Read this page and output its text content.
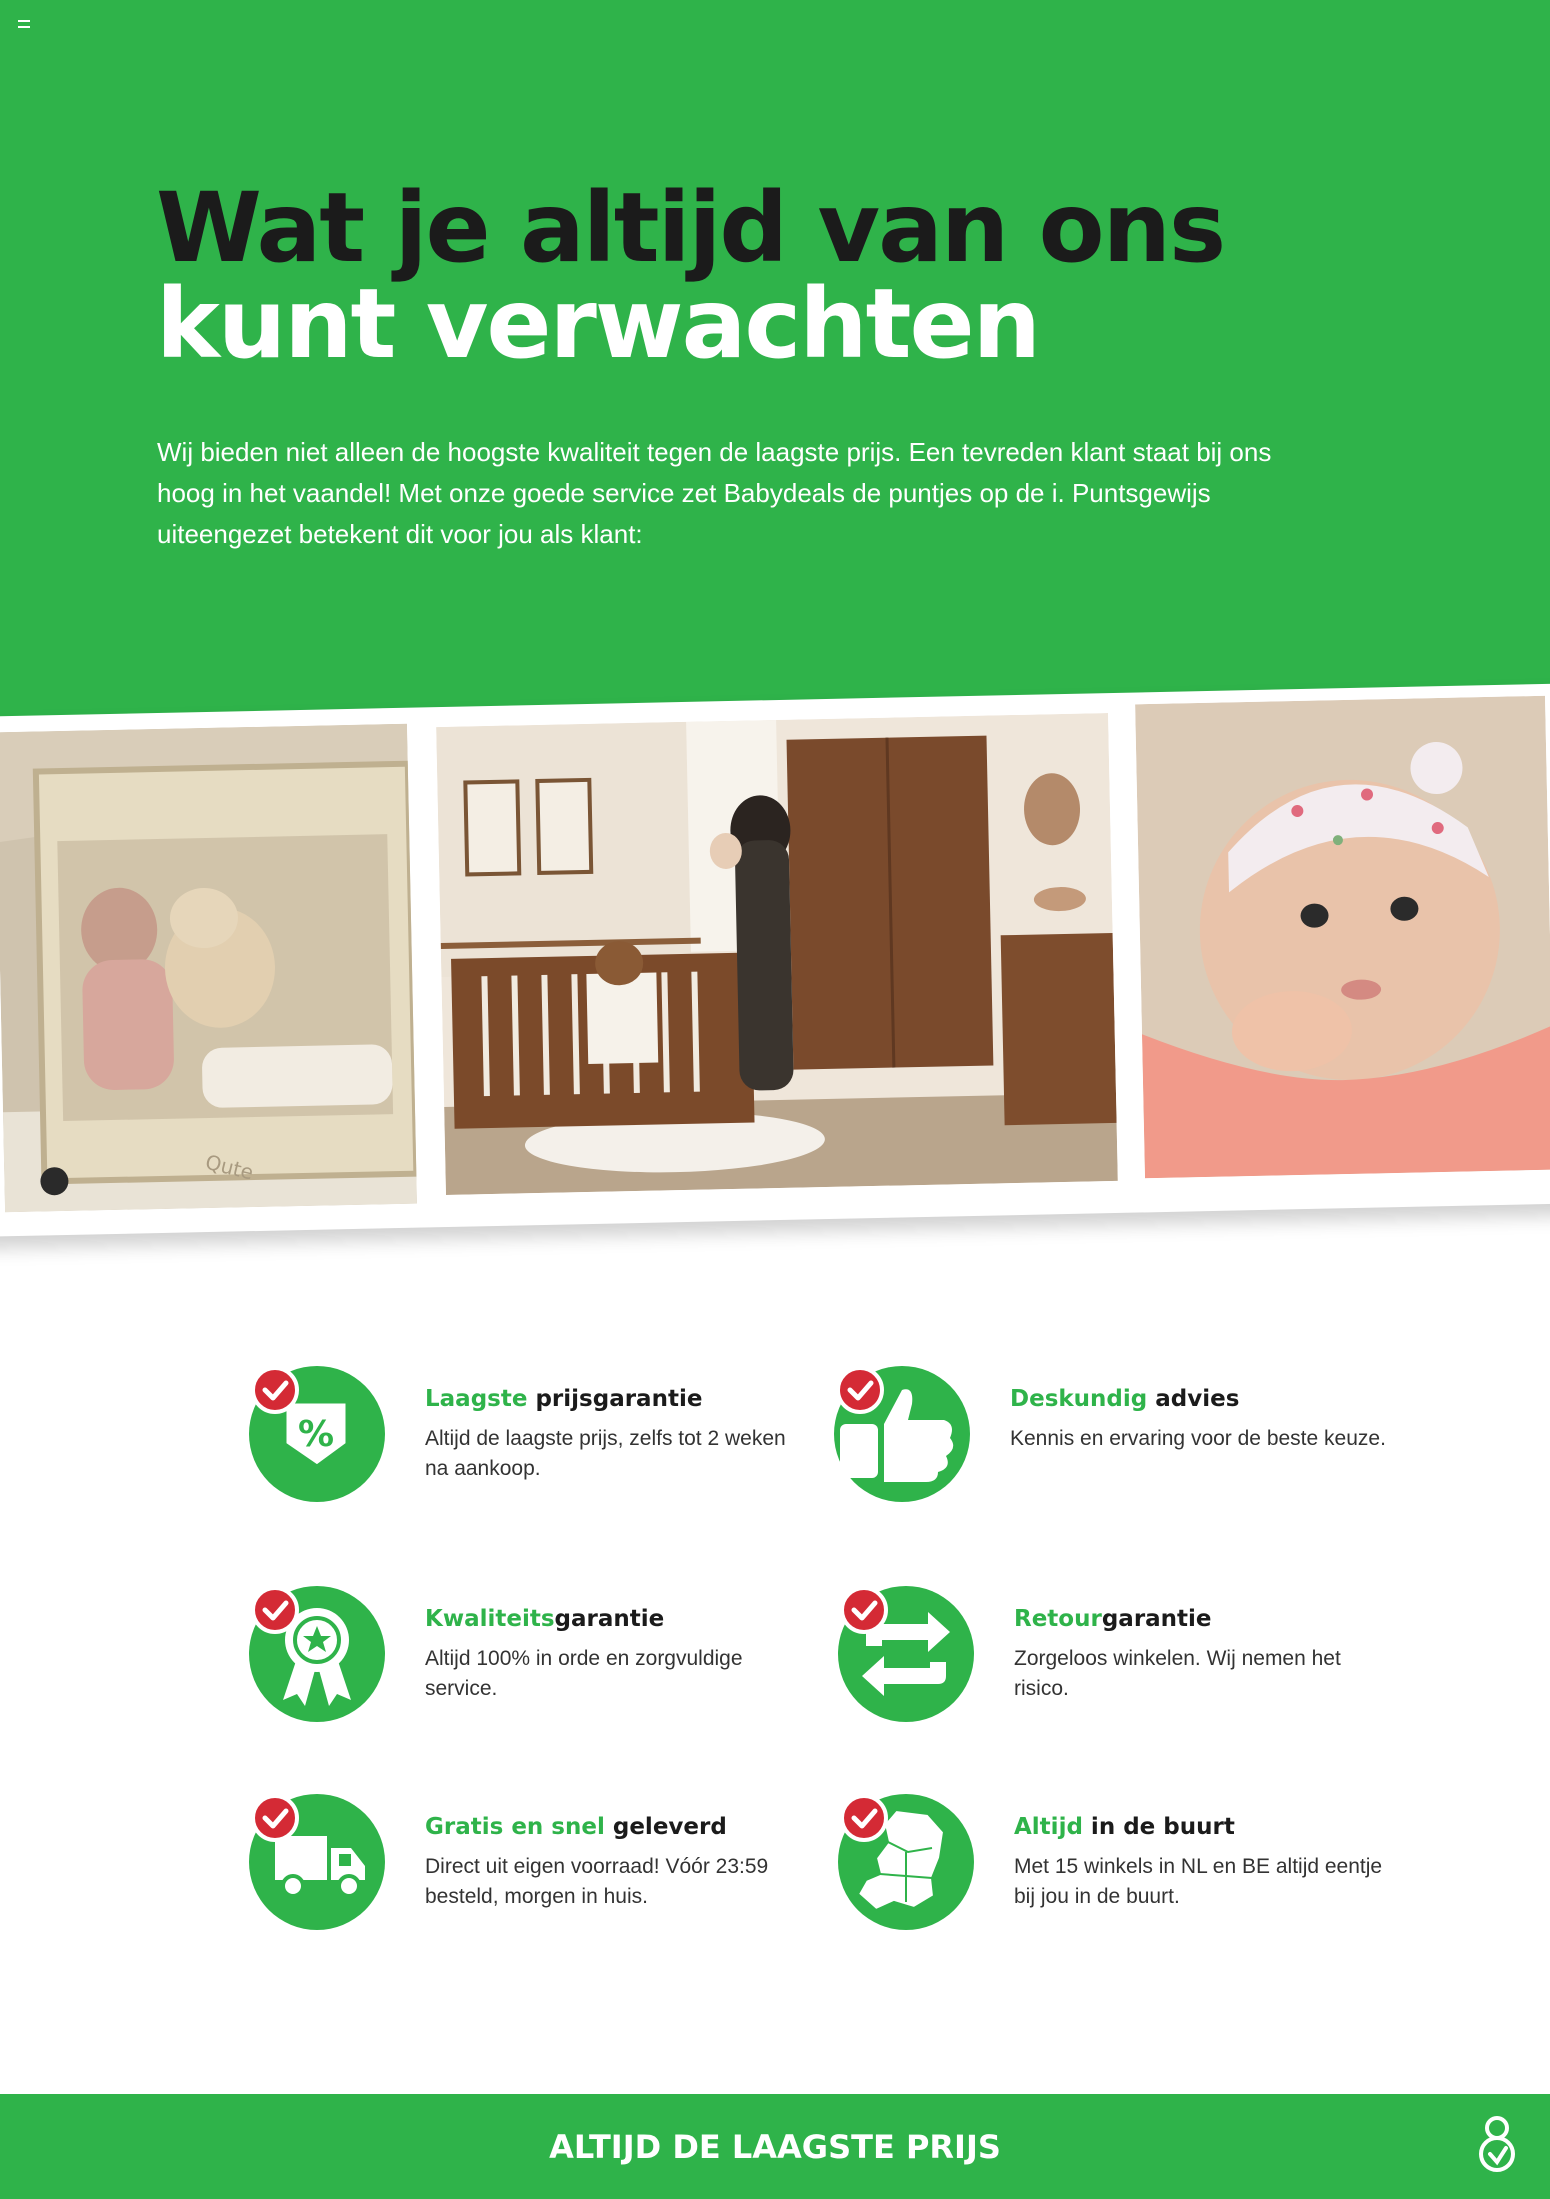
Wat je altijd van ons
kunt verwachten

Wij bieden niet alleen de hoogste kwaliteit tegen de laagste prijs. Een tevreden klant staat bij ons hoog in het vaandel! Met onze goede service zet Babydeals de puntjes op de i. Puntsgewijs uiteengezet betekent dit voor jou als klant:

Qute
%
Laagste prijsgarantie
Altijd de laagste prijs, zelfs tot 2 weken na aankoop.
Deskundig advies
Kennis en ervaring voor de beste keuze.
Kwaliteitsgarantie
Altijd 100% in orde en zorgvuldige service.
Retourgarantie
Zorgeloos winkelen. Wij nemen het risico.
Gratis en snel geleverd
Direct uit eigen voorraad! Vóór 23:59 besteld, morgen in huis.
Altijd in de buurt
Met 15 winkels in NL en BE altijd eentje bij jou in de buurt.
ALTIJD DE LAAGSTE PRIJS
